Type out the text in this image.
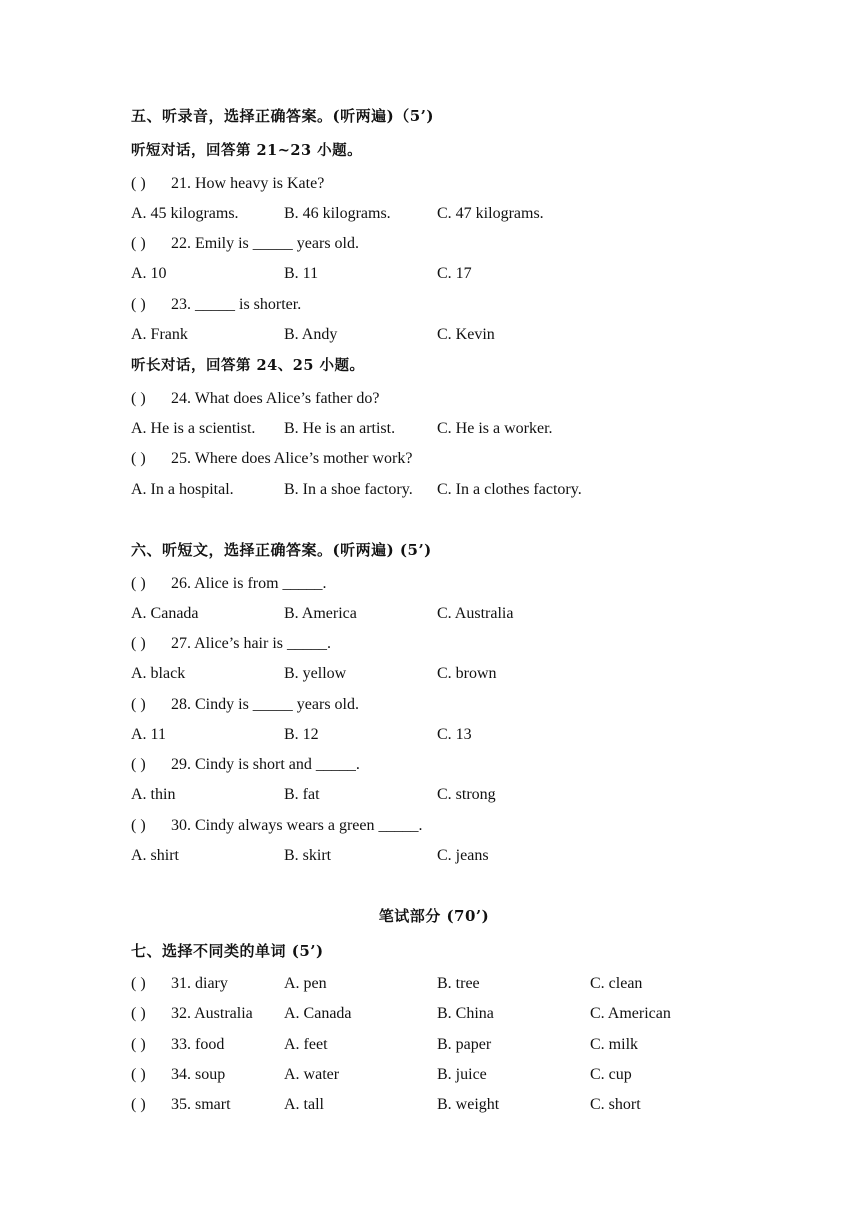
五、听录音，选择正确答案。(听两遍)（5’)
听短对话，回答第 21~23 小题。
( ) 21. How heavy is Kate?
A. 45 kilograms.	B. 46 kilograms.	C. 47 kilograms.
( ) 22. Emily is _____ years old.
A. 10	B. 11	C. 17
( ) 23. _____ is shorter.
A. Frank	B. Andy	C. Kevin
听长对话，回答第 24、25 小题。
( ) 24. What does Alice’s father do?
A. He is a scientist. B. He is an artist.	C. He is a worker.
( ) 25. Where does Alice’s mother work?
A. In a hospital.	B. In a shoe factory. C. In a clothes factory.
六、听短文，选择正确答案。(听两遍) (5’)
( ) 26. Alice is from _____.
A. Canada	B. America	C. Australia
( ) 27. Alice’s hair is _____.
A. black	B. yellow	C. brown
( ) 28. Cindy is _____ years old.
A. 11	B. 12	C. 13
( ) 29. Cindy is short and _____.
A. thin	B. fat	C. strong
( ) 30. Cindy always wears a green _____.
A. shirt	B. skirt	C. jeans
笔试部分 (70’)
七、选择不同类的单词 (5’)
( ) 31. diary	A. pen	B. tree	C. clean
( ) 32. Australia A. Canada	B. China	C. American
( ) 33. food	A. feet	B. paper	C. milk
( ) 34. soup	A. water	B. juice	C. cup
( ) 35. smart	A. tall	B. weight	C. short
